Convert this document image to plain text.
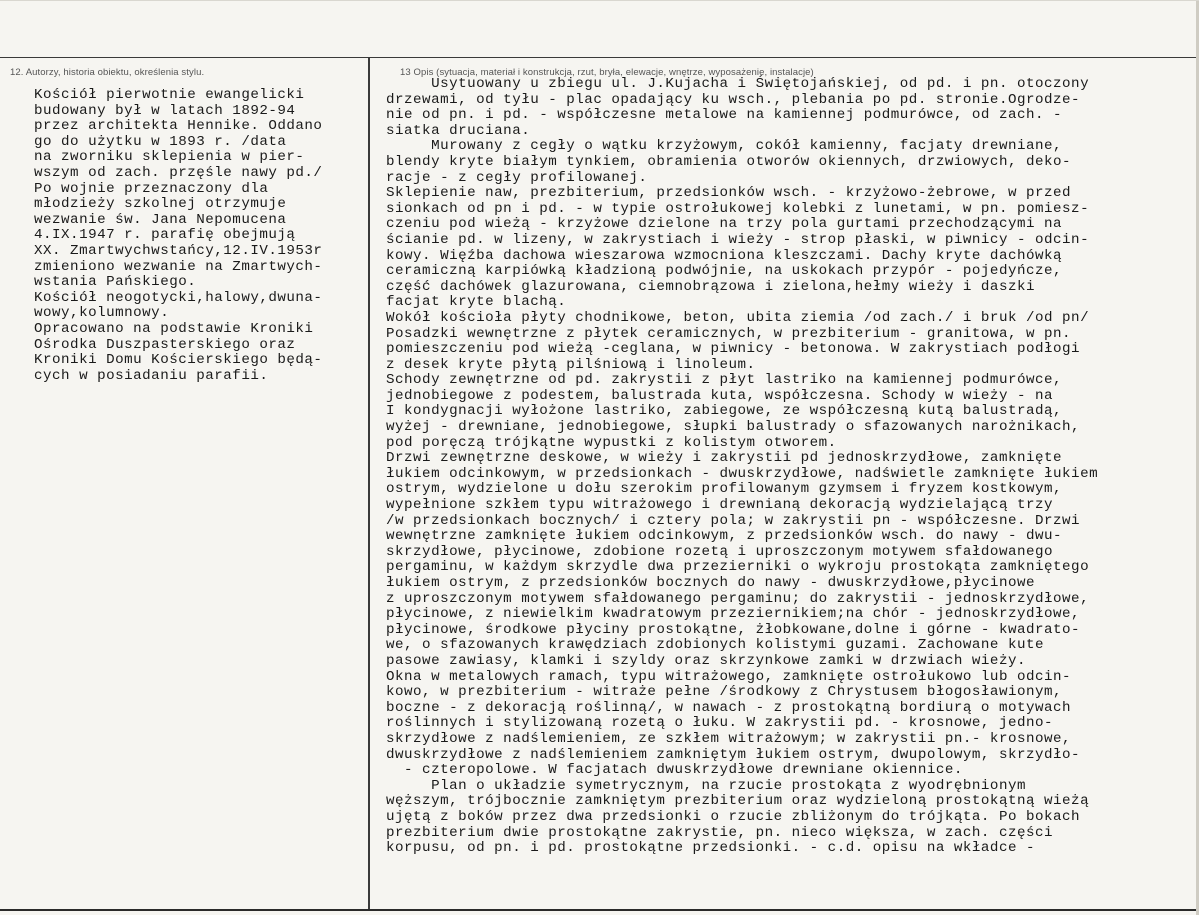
12. Autorzy, historia obiektu, określenia stylu.	13 Opis (sytuacja, materiał i konstrukcja, rzut, bryła, elewacje, wnętrze, wyposażenie, instalacje)
Kościół pierwotnie ewangelicki
budowany był w latach 1892-94
przez architekta Hennike. Oddano
go do użytku w 1893 r. /data
na zworniku sklepienia w pier-
wszym od zach. przęśle nawy pd./
Po wojnie przeznaczony dla
młodzieży szkolnej otrzymuje
wezwanie św. Jana Nepomucena
4.IX.1947 r. parafię obejmują
XX. Zmartwychwstańcy,12.IV.1953r
zmieniono wezwanie na Zmartwych-
wstania Pańskiego.
Kościół neogotycki,halowy,dwuna-
wowy,kolumnowy.
Opracowano na podstawie Kroniki
Ośrodka Duszpasterskiego oraz
Kroniki Domu Kościerskiego będą-
cych w posiadaniu parafii.
Usytuowany u zbiegu ul. J.Kujacha i Świętojańskiej, od pd. i pn. otoczony
drzewami, od tyłu - plac opadający ku wsch., plebania po pd. stronie.Ogrodze-
nie od pn. i pd. - współczesne metalowe na kamiennej podmurówce, od zach. -
siatka druciana.
Murowany z cegły o wątku krzyżowym, cokół kamienny, facjaty drewniane,
blendy kryte białym tynkiem, obramienia otworów okiennych, drzwiowych, deko-
racje - z cegły profilowanej.
Sklepienie naw, prezbiterium, przedsionków wsch. - krzyżowo-żebrowe, w przed
sionkach od pn i pd. - w typie ostrołukowej kolebki z lunetami, w pn. pomiesz-
czeniu pod wieżą - krzyżowe dzielone na trzy pola gurtami przechodzącymi na
ścianie pd. w lizeny, w zakrystiach i wieży - strop płaski, w piwnicy - odcin-
kowy. Więźba dachowa wieszarowa wzmocniona kleszczami. Dachy kryte dachówką
ceramiczną karpiówką kładzioną podwójnie, na uskokach przypór - pojedyńcze,
część dachówek glazurowana, ciemnobrązowa i zielona,hełmy wieży i daszki
facjat kryte blachą.
Wokół kościoła płyty chodnikowe, beton, ubita ziemia /od zach./ i bruk /od pn/
Posadzki wewnętrzne z płytek ceramicznych, w prezbiterium - granitowa, w pn.
pomieszczeniu pod wieżą -ceglana, w piwnicy - betonowa. W zakrystiach podłogi
z desek kryte płytą pilśniową i linoleum.
Schody zewnętrzne od pd. zakrystii z płyt lastriko na kamiennej podmurówce,
jednobiegowe z podestem, balustrada kuta, współczesna. Schody w wieży - na
I kondygnacji wyłożone lastriko, zabiegowe, ze współczesną kutą balustradą,
wyżej - drewniane, jednobiegowe, słupki balustrady o sfazowanych narożnikach,
pod poręczą trójkątne wypustki z kolistym otworem.
Drzwi zewnętrzne deskowe, w wieży i zakrystii pd jednoskrzydłowe, zamknięte
łukiem odcinkowym, w przedsionkach - dwuskrzydłowe, nadświetle zamknięte łukiem
ostrym, wydzielone u dołu szerokim profilowanym gzymsem i fryzem kostkowym,
wypełnione szkłem typu witrażowego i drewnianą dekoracją wydzielającą trzy
/w przedsionkach bocznych/ i cztery pola; w zakrystii pn - współczesne. Drzwi
wewnętrzne zamknięte łukiem odcinkowym, z przedsionków wsch. do nawy - dwu-
skrzydłowe, płycinowe, zdobione rozetą i uproszczonym motywem sfałdowanego
pergaminu, w każdym skrzydle dwa przezierniki o wykroju prostokąta zamkniętego
łukiem ostrym, z przedsionków bocznych do nawy - dwuskrzydłowe,płycinowe
z uproszczonym motywem sfałdowanego pergaminu; do zakrystii - jednoskrzydłowe,
płycinowe, z niewielkim kwadratowym przeziernikiem;na chór - jednoskrzydłowe,
płycinowe, środkowe płyciny prostokątne, żłobkowane,dolne i górne - kwadrato-
we, o sfazowanych krawędziach zdobionych kolistymi guzami. Zachowane kute
pasowe zawiasy, klamki i szyldy oraz skrzynkowe zamki w drzwiach wieży.
Okna w metalowych ramach, typu witrażowego, zamknięte ostrołukowo lub odcin-
kowo, w prezbiterium - witraże pełne /środkowy z Chrystusem błogosławionym,
boczne - z dekoracją roślinną/, w nawach - z prostokątną bordiurą o motywach
roślinnych i stylizowaną rozetą o łuku. W zakrystii pd. - krosnowe, jedno-
skrzydłowe z nadślemieniem, ze szkłem witrażowym; w zakrystii pn.- krosnowe,
dwuskrzydłowe z nadślemieniem zamkniętym łukiem ostrym, dwupolowym, skrzydło-
- czteropolowe. W facjatach dwuskrzydłowe drewniane okiennice.
Plan o układzie symetrycznym, na rzucie prostokąta z wyodrębnionym
węższym, trójbocznie zamkniętym prezbiterium oraz wydzieloną prostokątną wieżą
ujętą z boków przez dwa przedsionki o rzucie zbliżonym do trójkąta. Po bokach
prezbiterium dwie prostokątne zakrystie, pn. nieco większa, w zach. części
korpusu, od pn. i pd. prostokątne przedsionki. - c.d. opisu na wkładce -
